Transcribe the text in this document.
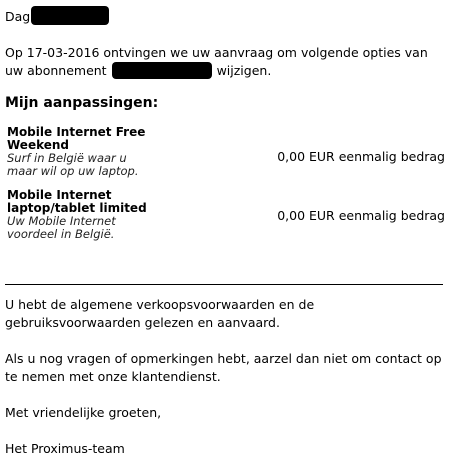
Dag
Op 17-03-2016 ontvingen we uw aanvraag om volgende opties van uw abonnement	wijzigen.
Mijn aanpassingen:
Mobile Internet Free Weekend
Surf in België waar u maar wil op uw laptop.
0,00 EUR eenmalig bedrag
Mobile Internet laptop/tablet limited
Uw Mobile Internet voordeel in België.
0,00 EUR eenmalig bedrag
U hebt de algemene verkoopsvoorwaarden en de gebruiksvoorwaarden gelezen en aanvaard.
Als u nog vragen of opmerkingen hebt, aarzel dan niet om contact op te nemen met onze klantendienst.
Met vriendelijke groeten,
Het Proximus-team
